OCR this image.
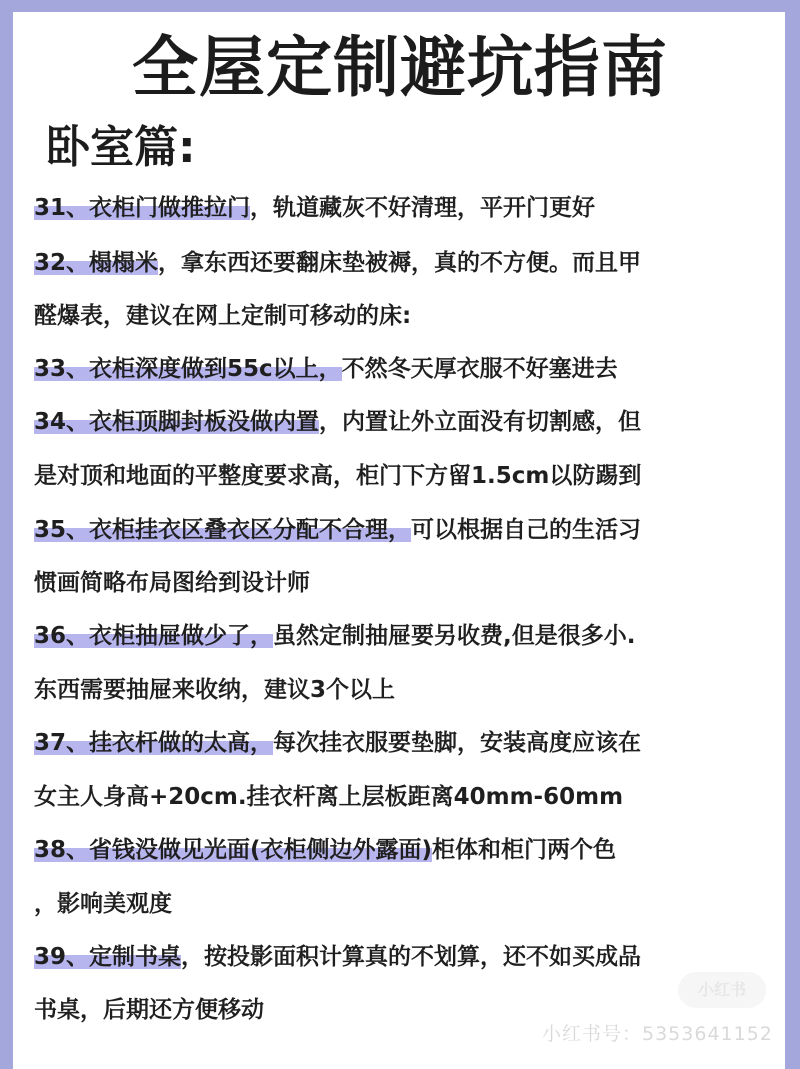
全屋定制避坑指南
卧室篇:
31、衣柜门做推拉门，轨道藏灰不好清理，平开门更好
32、榻榻米，拿东西还要翻床垫被褥，真的不方便。而且甲
醛爆表，建议在网上定制可移动的床:
33、衣柜深度做到55c以上，不然冬天厚衣服不好塞进去
34、衣柜顶脚封板没做内置，内置让外立面没有切割感，但
是对顶和地面的平整度要求高，柜门下方留1.5cm以防踢到
35、衣柜挂衣区叠衣区分配不合理，可以根据自己的生活习
惯画简略布局图给到设计师
36、衣柜抽屉做少了，虽然定制抽屉要另收费,但是很多小.
东西需要抽屉来收纳，建议3个以上
37、挂衣杆做的太高，每次挂衣服要垫脚，安装高度应该在
女主人身高+20cm.挂衣杆离上层板距离40mm-60mm
38、省钱没做见光面(衣柜侧边外露面)柜体和柜门两个色
，影响美观度
39、定制书桌，按投影面积计算真的不划算，还不如买成品
书桌，后期还方便移动
小红书
小红书号：5353641152
